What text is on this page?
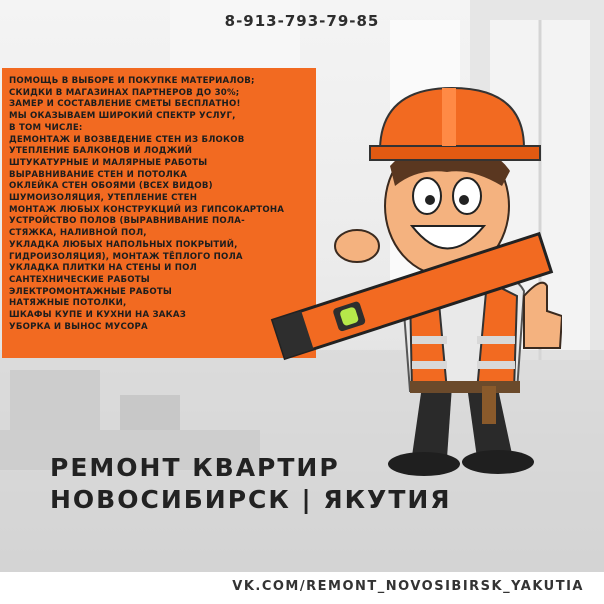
8-913-793-79-85
ПОМОЩЬ В ВЫБОРЕ И ПОКУПКЕ МАТЕРИАЛОВ;
СКИДКИ В МАГАЗИНАХ ПАРТНЕРОВ ДО 30%;
ЗАМЕР И СОСТАВЛЕНИЕ СМЕТЫ БЕСПЛАТНО!
МЫ ОКАЗЫВАЕМ ШИРОКИЙ СПЕКТР УСЛУГ,
В ТОМ ЧИСЛЕ:
ДЕМОНТАЖ И ВОЗВЕДЕНИЕ СТЕН ИЗ БЛОКОВ
УТЕПЛЕНИЕ БАЛКОНОВ И ЛОДЖИЙ
ШТУКАТУРНЫЕ И МАЛЯРНЫЕ РАБОТЫ
ВЫРАВНИВАНИЕ СТЕН И ПОТОЛКА
ОКЛЕЙКА СТЕН ОБОЯМИ (ВСЕХ ВИДОВ)
ШУМОИЗОЛЯЦИЯ, УТЕПЛЕНИЕ СТЕН
МОНТАЖ ЛЮБЫХ КОНСТРУКЦИЙ ИЗ ГИПСОКАРТОНА
УСТРОЙСТВО ПОЛОВ (ВЫРАВНИВАНИЕ ПОЛА-
СТЯЖКА, НАЛИВНОЙ ПОЛ,
УКЛАДКА ЛЮБЫХ НАПОЛЬНЫХ ПОКРЫТИЙ,
ГИДРОИЗОЛЯЦИЯ), МОНТАЖ ТЁПЛОГО ПОЛА
УКЛАДКА ПЛИТКИ НА СТЕНЫ И ПОЛ
САНТЕХНИЧЕСКИЕ РАБОТЫ
ЭЛЕКТРОМОНТАЖНЫЕ РАБОТЫ
НАТЯЖНЫЕ ПОТОЛКИ,
ШКАФЫ КУПЕ И КУХНИ НА ЗАКАЗ
УБОРКА И ВЫНОС МУСОРА
РЕМОНТ КВАРТИР
НОВОСИБИРСК | ЯКУТИЯ
VK.COM/REMONT_NOVOSIBIRSK_YAKUTIA
